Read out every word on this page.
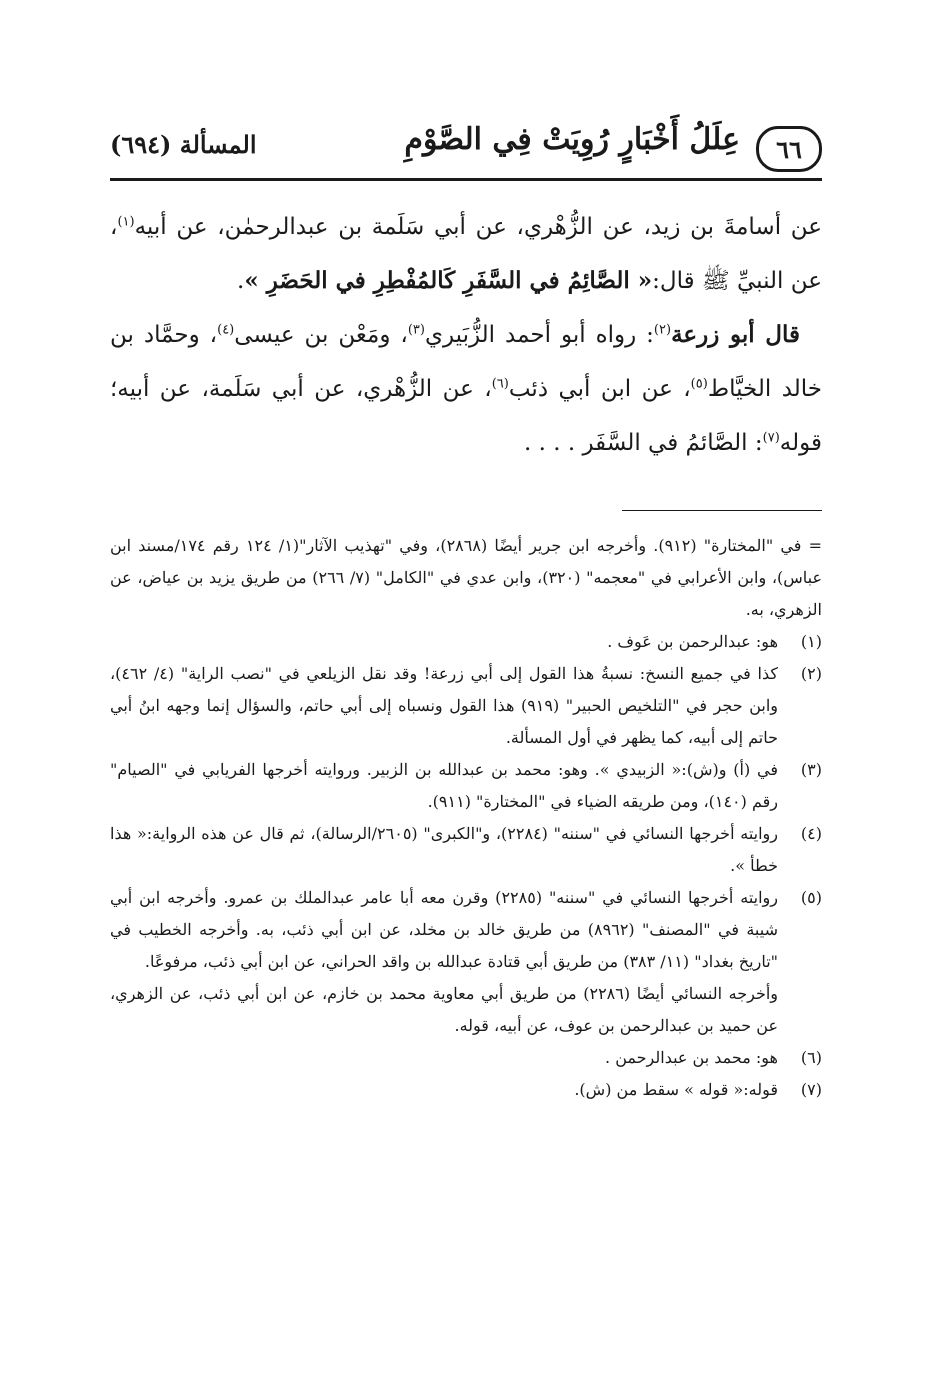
٦٦
عِلَلُ أَخْبَارٍ رُوِيَتْ فِي الصَّوْمِ
المسألة (٦٩٤)

عن أسامةَ بن زيد، عن الزُّهْري، عن أبي سَلَمة بن عبدالرحمٰن، عن أبيه$^{(١)}$، عن النبيِّ ﷺ قال:« الصَّائِمُ في السَّفَرِ كَالمُفْطِرِ في الحَضَرِ ».

قال أبو زرعة$^{(٢)}$: رواه أبو أحمد الزُّبَيري$^{(٣)}$، ومَعْن بن عيسى$^{(٤)}$، وحمَّاد بن خالد الخيَّاط$^{(٥)}$، عن ابن أبي ذئب$^{(٦)}$، عن الزُّهْري، عن أبي سَلَمة، عن أبيه؛ قوله$^{(٧)}$: الصَّائمُ في السَّفَر . . . .

= في "المختارة" (٩١٢). وأخرجه ابن جرير أيضًا (٢٨٦٨)، وفي "تهذيب الآثار"(١/ ١٢٤ رقم ١٧٤/مسند ابن عباس)، وابن الأعرابي في "معجمه" (٣٢٠)، وابن عدي في "الكامل" (٧/ ٢٦٦) من طريق يزيد بن عياض، عن الزهري، به.

(١)
هو: عبدالرحمن بن عَوف .
(٢)
كذا في جميع النسخ: نسبةُ هذا القول إلى أبي زرعة! وقد نقل الزيلعي في "نصب الراية" (٤/ ٤٦٢)، وابن حجر في "التلخيص الحبير" (٩١٩) هذا القول ونسباه إلى أبي حاتم، والسؤال إنما وجهه ابنُ أبي حاتم إلى أبيه، كما يظهر في أول المسألة.
(٣)
في (أ) و(ش):« الزبيدي ». وهو: محمد بن عبدالله بن الزبير. وروايته أخرجها الفريابي في "الصيام" رقم (١٤٠)، ومن طريقه الضياء في "المختارة" (٩١١).
(٤)
روايته أخرجها النسائي في "سننه" (٢٢٨٤)، و"الكبرى" (٢٦٠٥/الرسالة)، ثم قال عن هذه الرواية:« هذا خطأ ».
(٥)
روايته أخرجها النسائي في "سننه" (٢٢٨٥) وقرن معه أبا عامر عبدالملك بن عمرو. وأخرجه ابن أبي شيبة في "المصنف" (٨٩٦٢) من طريق خالد بن مخلد، عن ابن أبي ذئب، به. وأخرجه الخطيب في "تاريخ بغداد" (١١/ ٣٨٣) من طريق أبي قتادة عبدالله بن واقد الحراني، عن ابن أبي ذئب، مرفوعًا.
وأخرجه النسائي أيضًا (٢٢٨٦) من طريق أبي معاوية محمد بن خازم، عن ابن أبي ذئب، عن الزهري، عن حميد بن عبدالرحمن بن عوف، عن أبيه، قوله.
(٦)
هو: محمد بن عبدالرحمن .
(٧)
قوله:« قوله » سقط من (ش).
